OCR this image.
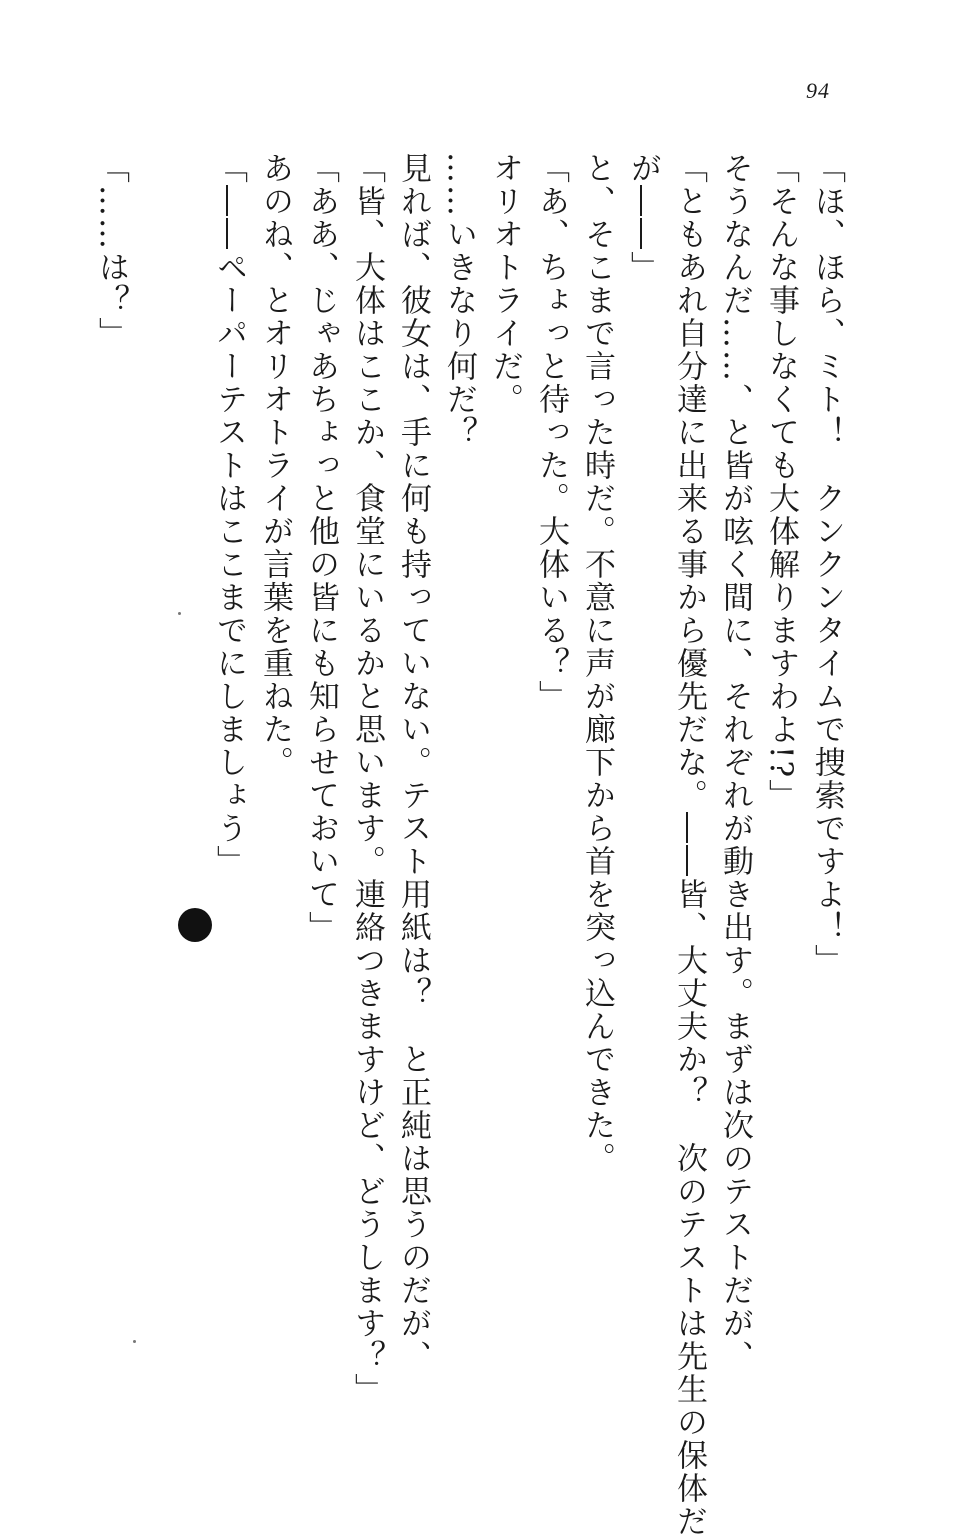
94
「ほ、ほら、ミト！　クンクンタイムで捜索ですよ！」
「そんな事しなくても大体解りますわよ!?」
そうなんだ……、と皆が呟く間に、それぞれが動き出す。まずは次のテストだが、
「ともあれ自分達に出来る事から優先だな。――皆、大丈夫か？　次のテストは先生の保体だ
が――」
と、そこまで言った時だ。不意に声が廊下から首を突っ込んできた。
「あ、ちょっと待った。大体いる？」
オリオトライだ。
……いきなり何だ？
見れば、彼女は、手に何も持っていない。テスト用紙は？　と正純は思うのだが、
「皆、大体はここか、食堂にいるかと思います。連絡つきますけど、どうします？」
「ああ、じゃあちょっと他の皆にも知らせておいて」
あのね、とオリオトライが言葉を重ねた。
「――ペーパーテストはここまでにしましょう」
「……は？」
